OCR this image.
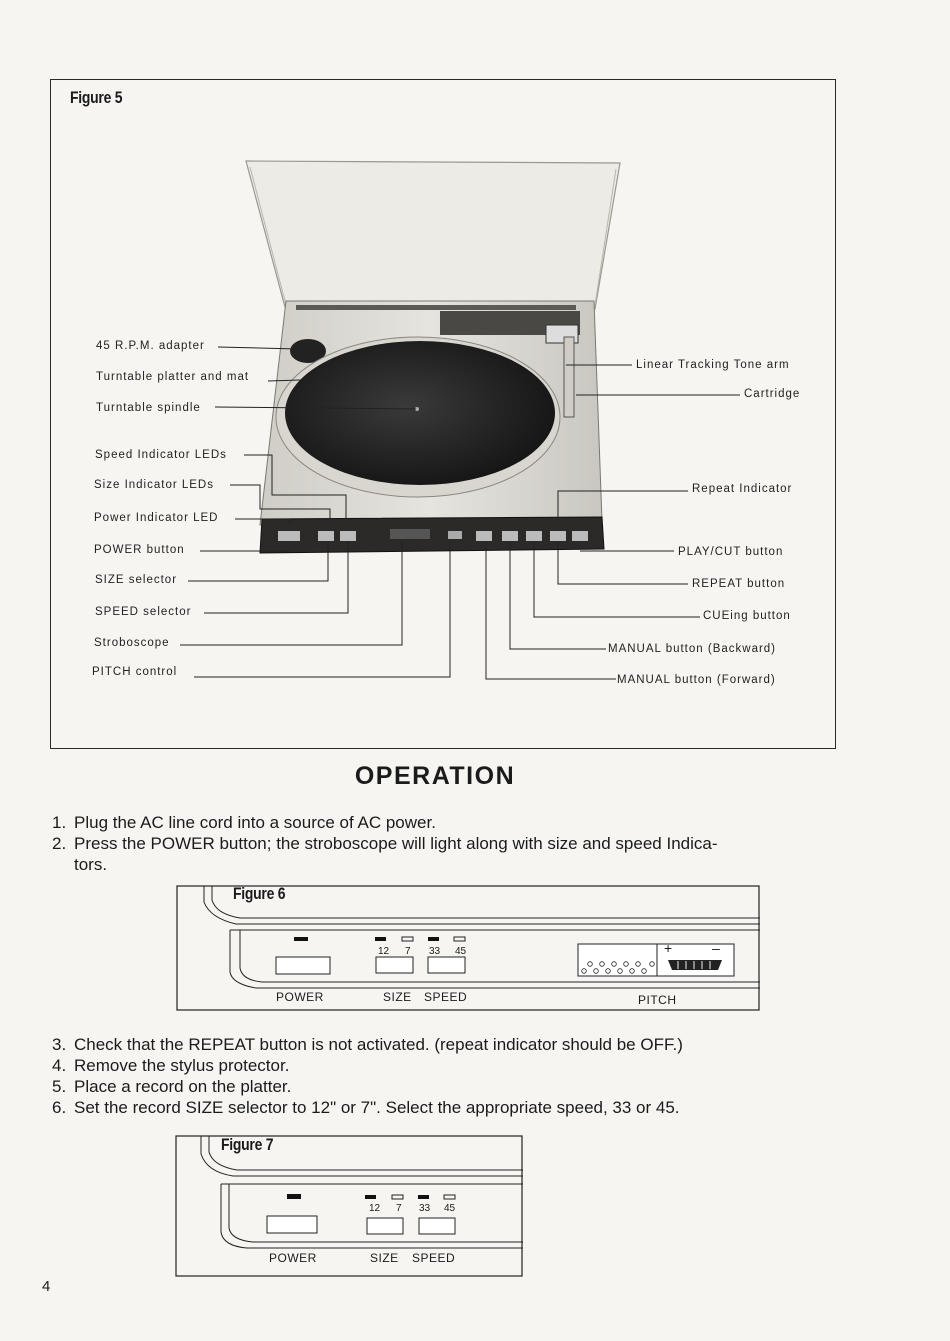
Figure 5
45 R.P.M. adapter
Turntable platter and mat
Turntable spindle
Speed Indicator LEDs
Size Indicator LEDs
Power Indicator LED
POWER button
SIZE selector
SPEED selector
Stroboscope
PITCH control
Linear Tracking Tone arm
Cartridge
Repeat Indicator
PLAY/CUT button
REPEAT button
CUEing button
MANUAL button (Backward)
MANUAL button (Forward)
OPERATION
1. Plug the AC line cord into a source of AC power.
2. Press the POWER button; the stroboscope will light along with size and speed Indica-
tors.
Figure 6
12 7 33 45	+	–
POWER	SIZE SPEED	PITCH
3. Check that the REPEAT button is not activated. (repeat indicator should be OFF.)
4. Remove the stylus protector.
5. Place a record on the platter.
6. Set the record SIZE selector to 12" or 7". Select the appropriate speed, 33 or 45.
Figure 7
12 7 33 45
POWER	SIZE SPEED
4
